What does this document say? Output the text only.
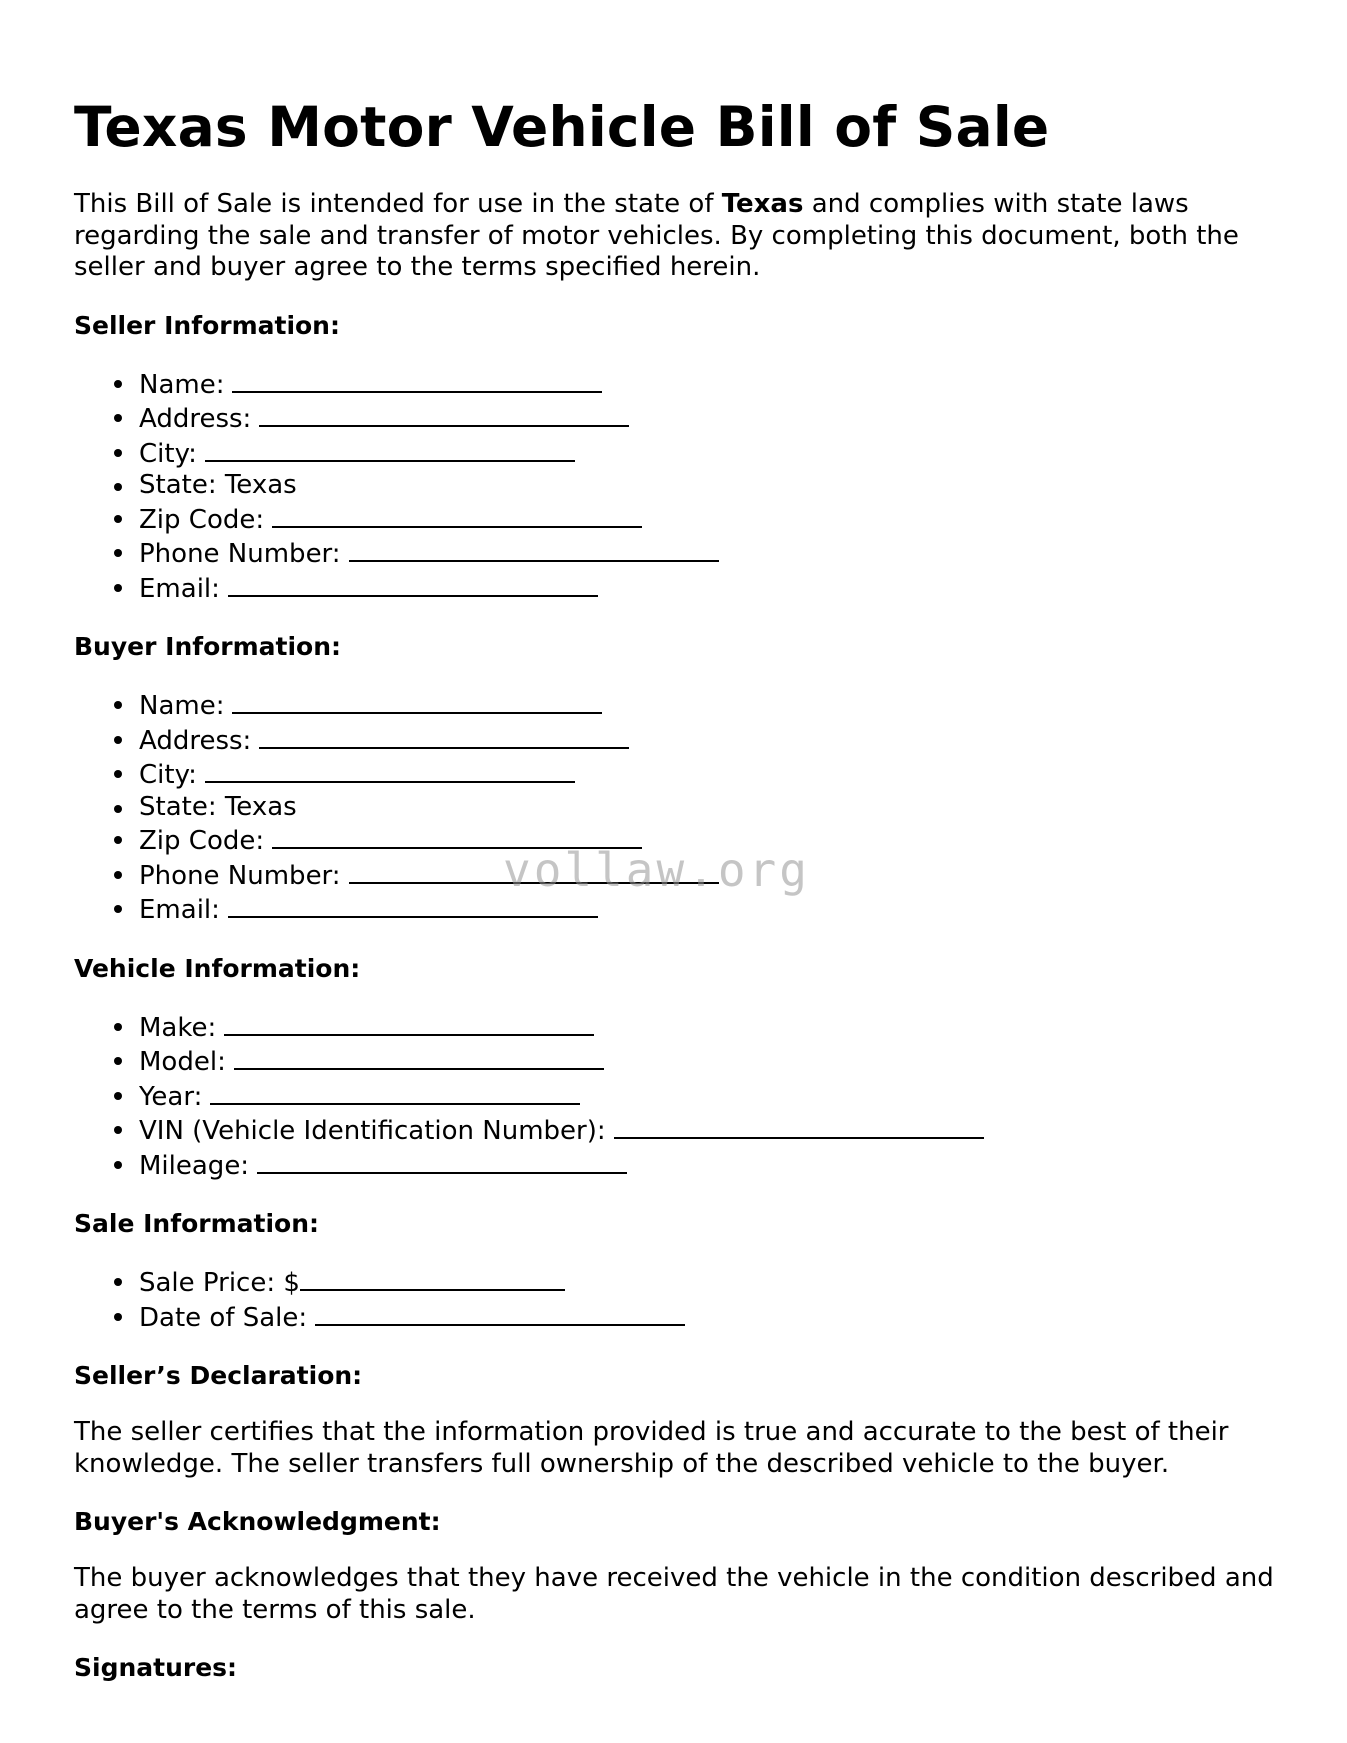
Texas Motor Vehicle Bill of Sale

This Bill of Sale is intended for use in the state of Texas and complies with state laws regarding the sale and transfer of motor vehicles. By completing this document, both the seller and buyer agree to the terms specified herein.

Seller Information:
Name:
Address:
City:
State: Texas
Zip Code:
Phone Number:
Email:
Buyer Information:
Name:
Address:
City:
State: Texas
Zip Code:
Phone Number:
Email:
Vehicle Information:
Make:
Model:
Year:
VIN (Vehicle Identification Number):
Mileage:
Sale Information:
Sale Price: $
Date of Sale:
Seller’s Declaration:

The seller certifies that the information provided is true and accurate to the best of their knowledge. The seller transfers full ownership of the described vehicle to the buyer.

Buyer's Acknowledgment:

The buyer acknowledges that they have received the vehicle in the condition described and agree to the terms of this sale.

Signatures:
vollaw.org
